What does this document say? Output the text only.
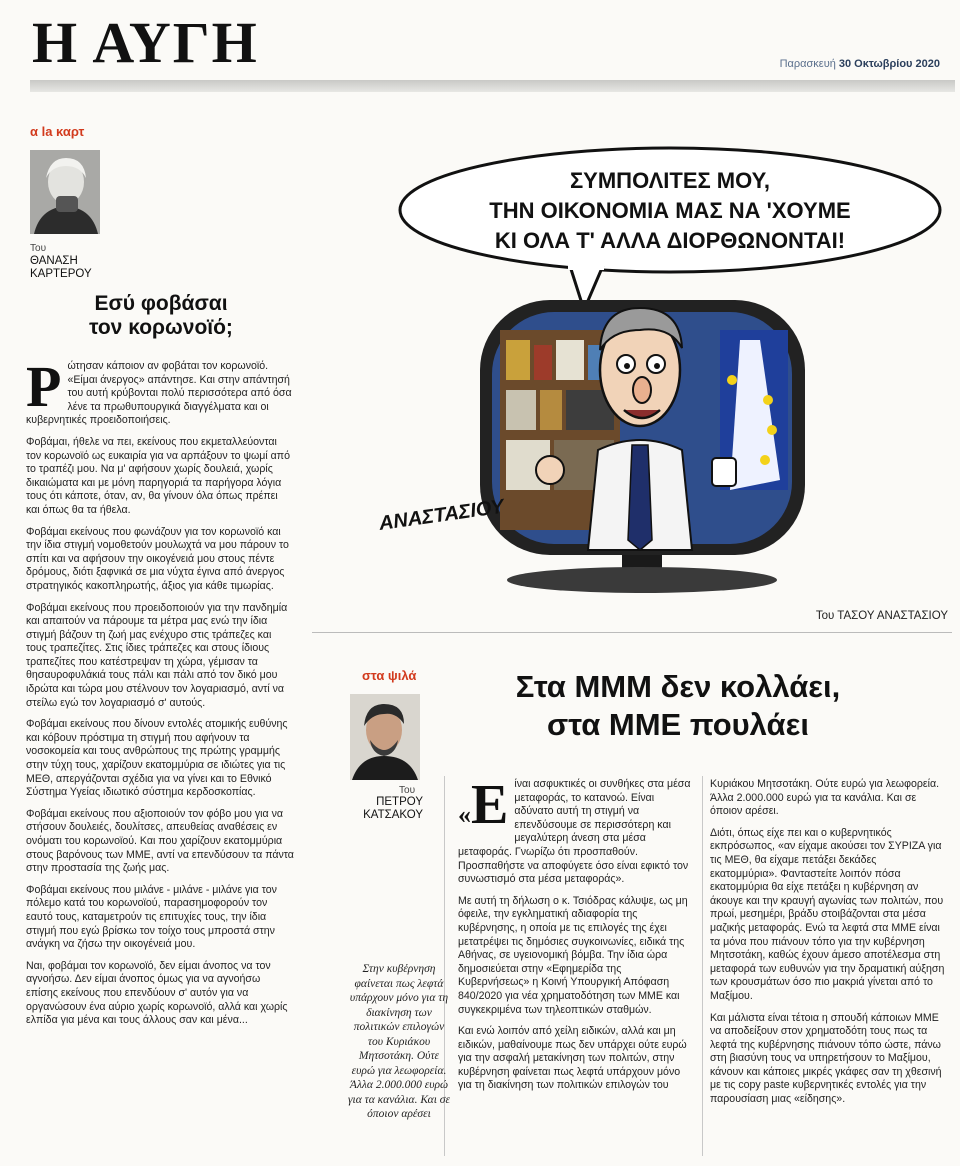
Η ΑΥΓΗ	Παρασκευή 30 Οκτωβρίου 2020
α la καρτ
Του
ΘΑΝΑΣΗ
ΚΑΡΤΕΡΟΥ
Εσύ φοβάσαι
τον κορωνοϊό;

Ρώτησαν κάποιον αν φοβάται τον κορωνοϊό. «Είμαι άνεργος» απάντησε. Και στην απάντησή του αυτή κρύβονται πολύ περισσότερα από όσα λένε τα πρωθυπουργικά διαγγέλματα και οι κυβερνητικές προειδοποιήσεις.

Φοβάμαι, ήθελε να πει, εκείνους που εκμεταλλεύονται τον κορωνοϊό ως ευκαιρία για να αρπάξουν το ψωμί από το τραπέζι μου. Να μ' αφήσουν χωρίς δουλειά, χωρίς δικαιώματα και με μόνη παρηγοριά τα παρήγορα λόγια τους ότι κάποτε, όταν, αν, θα γίνουν όλα όπως πρέπει και όπως θα τα ήθελα.

Φοβάμαι εκείνους που φωνάζουν για τον κορωνοϊό και την ίδια στιγμή νομοθετούν μουλωχτά να μου πάρουν το σπίτι και να αφήσουν την οικογένειά μου στους πέντε δρόμους, διότι ξαφνικά σε μια νύχτα έγινα από άνεργος στρατηγικός κακοπληρωτής, άξιος για κάθε τιμωρίας.

Φοβάμαι εκείνους που προειδοποιούν για την πανδημία και απαιτούν να πάρουμε τα μέτρα μας ενώ την ίδια στιγμή βάζουν τη ζωή μας ενέχυρο στις τράπεζες και τους τραπεζίτες. Στις ίδιες τράπεζες και στους ίδιους τραπεζίτες που κατέστρεψαν τη χώρα, γέμισαν τα θησαυροφυλάκιά τους πάλι και πάλι από τον δικό μου ιδρώτα και τώρα μου στέλνουν τον λογαριασμό, αντί να στείλω εγώ τον λογαριασμό σ' αυτούς.

Φοβάμαι εκείνους που δίνουν εντολές ατομικής ευθύνης και κόβουν πρόστιμα τη στιγμή που αφήνουν τα νοσοκομεία και τους ανθρώπους της πρώτης γραμμής στην τύχη τους, χαρίζουν εκατομμύρια σε ιδιώτες για τις ΜΕΘ, απεργάζονται σχέδια για να γίνει και το Εθνικό Σύστημα Υγείας ιδιωτικό σύστημα κερδοσκοπίας.

Φοβάμαι εκείνους που αξιοποιούν τον φόβο μου για να στήσουν δουλειές, δουλίτσες, απευθείας αναθέσεις εν ονόματι του κορωνοϊού. Και που χαρίζουν εκατομμύρια στους βαρόνους των ΜΜΕ, αντί να επενδύσουν τα πάντα στην προστασία της ζωής μας.

Φοβάμαι εκείνους που μιλάνε - μιλάνε - μιλάνε για τον πόλεμο κατά του κορωνοϊού, παρασημοφορούν τον εαυτό τους, καταμετρούν τις επιτυχίες τους, την ίδια στιγμή που εγώ βρίσκω τον τοίχο τους μπροστά στην ανάγκη να ζήσω την οικογένειά μου.

Ναι, φοβάμαι τον κορωνοϊό, δεν είμαι άνοπος να τον αγνοήσω. Δεν είμαι άνοπος όμως για να αγνοήσω επίσης εκείνους που επενδύουν σ' αυτόν για να οργανώσουν ένα αύριο χωρίς κορωνοϊό, αλλά και χωρίς ελπίδα για μένα και τους άλλους σαν και μένα...

ΣΥΜΠΟΛΙΤΕΣ ΜΟΥ,
ΤΗΝ ΟΙΚΟΝΟΜΙΑ ΜΑΣ ΝΑ 'ΧΟΥΜΕ
ΚΙ ΟΛΑ Τ' ΑΛΛΑ ΔΙΟΡΘΩΝΟΝΤΑΙ!
ΑΝΑΣΤΑΣΙΟΥ
Του ΤΑΣΟΥ ΑΝΑΣΤΑΣΙΟΥ
στα ψιλά
Του
ΠΕΤΡΟΥ
ΚΑΤΣΑΚΟΥ
Στα ΜΜΜ δεν κολλάει,
στα ΜΜΕ πουλάει
Στην κυβέρνηση φαίνεται πως λεφτά υπάρχουν μόνο για τη διακίνηση των πολιτικών επιλογών του Κυριάκου Μητσοτάκη. Ούτε ευρώ για λεωφορεία. Άλλα 2.000.000 ευρώ για τα κανάλια. Και σε όποιον αρέσει

«Ε ίναι ασφυκτικές οι συνθήκες στα μέσα μεταφοράς, το κατανοώ. Είναι αδύνατο αυτή τη στιγμή να επενδύσουμε σε περισσότερη και μεγαλύτερη άνεση στα μέσα μεταφοράς. Γνωρίζω ότι προσπαθούν. Προσπαθήστε να αποφύγετε όσο είναι εφικτό τον συνωστισμό στα μέσα μεταφοράς».

Με αυτή τη δήλωση ο κ. Τσιόδρας κάλυψε, ως μη όφειλε, την εγκληματική αδιαφορία της κυβέρνησης, η οποία με τις επιλογές της έχει μετατρέψει τις δημόσιες συγκοινωνίες, ειδικά της Αθήνας, σε υγειονομική βόμβα. Την ίδια ώρα δημοσιεύεται στην «Εφημερίδα της Κυβερνήσεως» η Κοινή Υπουργική Απόφαση 840/2020 για νέα χρηματοδότηση των ΜΜΕ και συγκεκριμένα των τηλεοπτικών σταθμών.

Και ενώ λοιπόν από χείλη ειδικών, αλλά και μη ειδικών, μαθαίνουμε πως δεν υπάρχει ούτε ευρώ για την ασφαλή μετακίνηση των πολιτών, στην κυβέρνηση φαίνεται πως λεφτά υπάρχουν μόνο για τη διακίνηση των πολιτικών επιλογών του

Κυριάκου Μητσοτάκη. Ούτε ευρώ για λεωφορεία. Άλλα 2.000.000 ευρώ για τα κανάλια. Και σε όποιον αρέσει.

Διότι, όπως είχε πει και ο κυβερνητικός εκπρόσωπος, «αν είχαμε ακούσει τον ΣΥΡΙΖΑ για τις ΜΕΘ, θα είχαμε πετάξει δεκάδες εκατομμύρια». Φανταστείτε λοιπόν πόσα εκατομμύρια θα είχε πετάξει η κυβέρνηση αν άκουγε και την κραυγή αγωνίας των πολιτών, που πρωί, μεσημέρι, βράδυ στοιβάζονται στα μέσα μαζικής μεταφοράς. Ενώ τα λεφτά στα ΜΜΕ είναι τα μόνα που πιάνουν τόπο για την κυβέρνηση Μητσοτάκη, καθώς έχουν άμεσο αποτέλεσμα στη μεταφορά των ευθυνών για την δραματική αύξηση των κρουσμάτων όσο πιο μακριά γίνεται από το Μαξίμου.

Και μάλιστα είναι τέτοια η σπουδή κάποιων ΜΜΕ να αποδείξουν στον χρηματοδότη τους πως τα λεφτά της κυβέρνησης πιάνουν τόπο ώστε, πάνω στη βιασύνη τους να υπηρετήσουν το Μαξίμου, κάνουν και κάποιες μικρές γκάφες σαν τη χθεσινή με τις copy paste κυβερνητικές εντολές για την παρουσίαση μιας «είδησης».
